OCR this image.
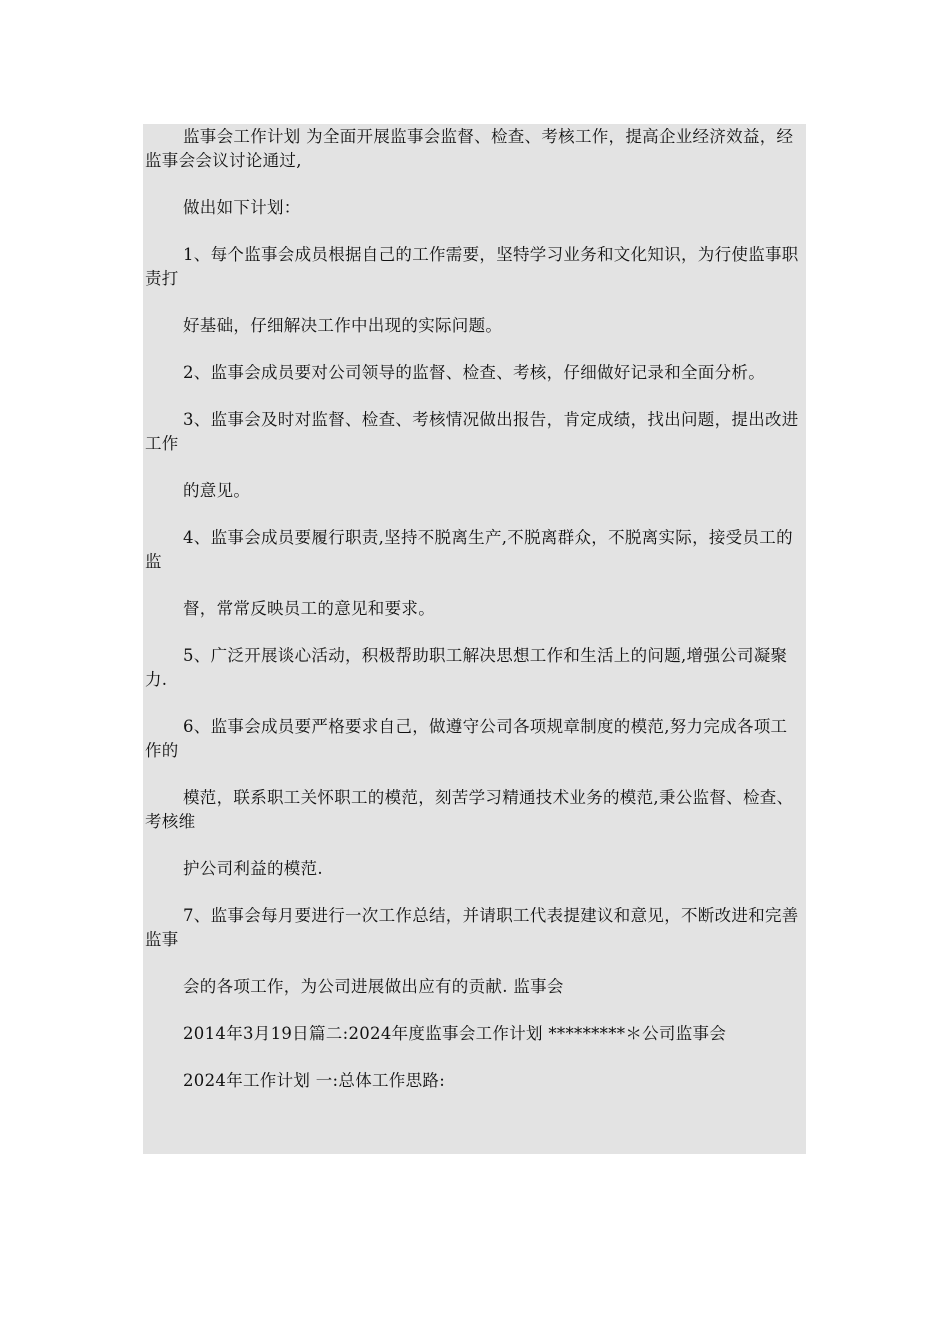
监事会工作计划 为全面开展监事会监督、检查、考核工作，提高企业经济效益，经监事会会议讨论通过,

做出如下计划：

1、每个监事会成员根据自己的工作需要，坚特学习业务和文化知识，为行使监事职责打

好基础，仔细解决工作中出现的实际问题。

2、监事会成员要对公司领导的监督、检查、考核，仔细做好记录和全面分析。

3、监事会及时对监督、检查、考核情况做出报告，肯定成绩，找出问题，提出改进工作

的意见。

4、监事会成员要履行职责,坚持不脱离生产,不脱离群众，不脱离实际，接受员工的监

督，常常反映员工的意见和要求。

5、广泛开展谈心活动，积极帮助职工解决思想工作和生活上的问题,增强公司凝聚力.

6、监事会成员要严格要求自己，做遵守公司各项规章制度的模范,努力完成各项工作的

模范，联系职工关怀职工的模范，刻苦学习精通技术业务的模范,秉公监督、检查、考核维

护公司利益的模范.

7、监事会每月要进行一次工作总结，并请职工代表提建议和意见，不断改进和完善监事

会的各项工作，为公司进展做出应有的贡献. 监事会

2014年3月19日篇二:2024年度监事会工作计划 *********＊公司监事会

2024年工作计划 一:总体工作思路:
